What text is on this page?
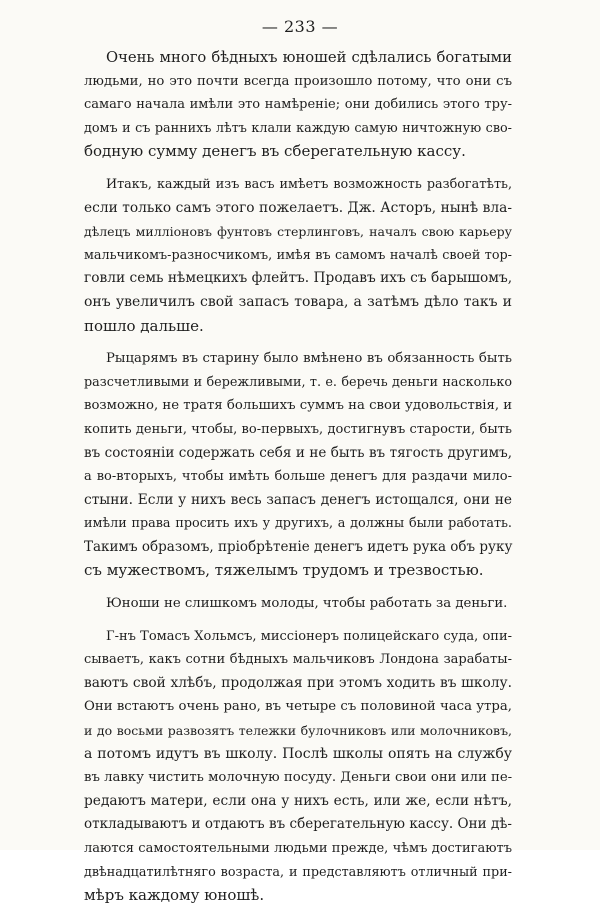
— 233 —
Очень много бѣдныхъ юношей сдѣлались богатыми
людьми, но это почти всегда произошло потому, что они съ
самаго начала имѣли это намѣреніе; они добились этого тру-
домъ и съ раннихъ лѣтъ клали каждую самую ничтожную сво-
бодную сумму денегъ въ сберегательную кассу.
Итакъ, каждый изъ васъ имѣетъ возможность разбогатѣть,
если только самъ этого пожелаетъ. Дж. Асторъ, нынѣ вла-
дѣлецъ милліоновъ фунтовъ стерлинговъ, началъ свою карьеру
мальчикомъ-разносчикомъ, имѣя въ самомъ началѣ своей тор-
говли семь нѣмецкихъ флейтъ. Продавъ ихъ съ барышомъ,
онъ увеличилъ свой запасъ товара, а затѣмъ дѣло такъ и
пошло дальше.
Рыцарямъ въ старину было вмѣнено въ обязанность быть
разсчетливыми и бережливыми, т. е. беречь деньги насколько
возможно, не тратя большихъ суммъ на свои удовольствія, и
копить деньги, чтобы, во-первыхъ, достигнувъ старости, быть
въ состояніи содержать себя и не быть въ тягость другимъ,
а во-вторыхъ, чтобы имѣть больше денегъ для раздачи мило-
стыни. Если у нихъ весь запасъ денегъ истощался, они не
имѣли права просить ихъ у другихъ, а должны были работать.
Такимъ образомъ, пріобрѣтеніе денегъ идетъ рука объ руку
съ мужествомъ, тяжелымъ трудомъ и трезвостью.
Юноши не слишкомъ молоды, чтобы работать за деньги.
Г-нъ Томасъ Хольмсъ, миссіонеръ полицейскаго суда, опи-
сываетъ, какъ сотни бѣдныхъ мальчиковъ Лондона зарабаты-
ваютъ свой хлѣбъ, продолжая при этомъ ходить въ школу.
Они встаютъ очень рано, въ четыре съ половиной часа утра,
и до восьми развозятъ тележки булочниковъ или молочниковъ,
а потомъ идутъ въ школу. Послѣ школы опять на службу
въ лавку чистить молочную посуду. Деньги свои они или пе-
редаютъ матери, если она у нихъ есть, или же, если нѣтъ,
откладываютъ и отдаютъ въ сберегательную кассу. Они дѣ-
лаются самостоятельными людьми прежде, чѣмъ достигаютъ
двѣнадцатилѣтняго возраста, и представляютъ отличный при-
мѣръ каждому юношѣ.
